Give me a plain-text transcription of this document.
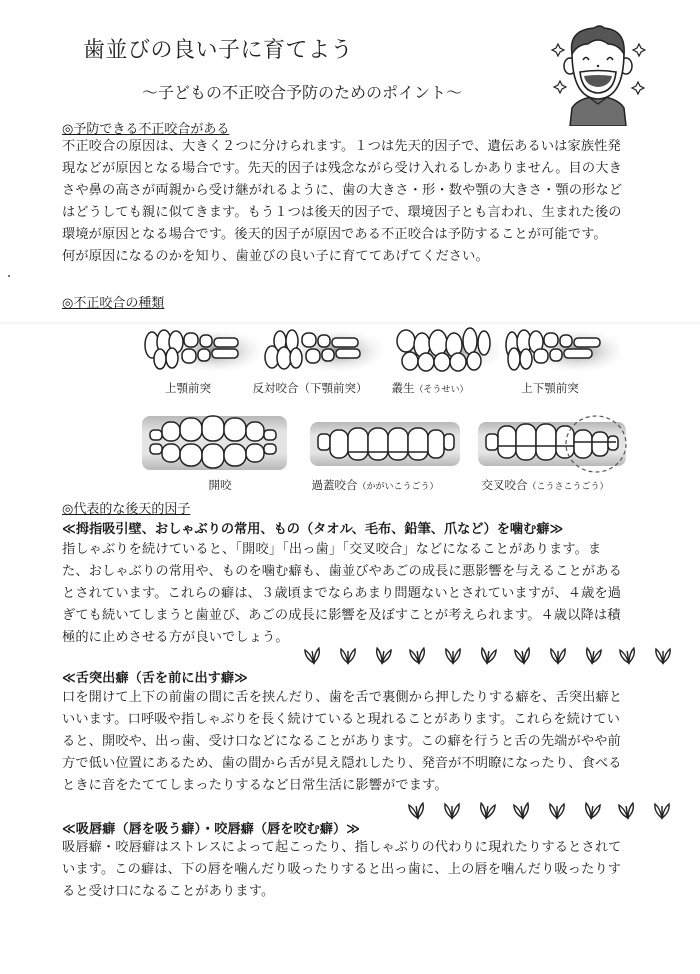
歯並びの良い子に育てよう
～子どもの不正咬合予防のためのポイント～
◎予防できる不正咬合がある
不正咬合の原因は、大きく２つに分けられます。１つは先天的因子で、遺伝あるいは家族性発
現などが原因となる場合です。先天的因子は残念ながら受け入れるしかありません。目の大き
さや鼻の高さが両親から受け継がれるように、歯の大きさ・形・数や顎の大きさ・顎の形など
はどうしても親に似てきます。もう１つは後天的因子で、環境因子とも言われ、生まれた後の
環境が原因となる場合です。後天的因子が原因である不正咬合は予防することが可能です。
何が原因になるのかを知り、歯並びの良い子に育ててあげてください。
◎不正咬合の種類
上顎前突	反対咬合（下顎前突）	叢生（そうせい）	上下顎前突
開咬	過蓋咬合（かがいこうごう）	交叉咬合（こうさこうごう）
◎代表的な後天的因子
≪拇指吸引壁、おしゃぶりの常用、もの（タオル、毛布、鉛筆、爪など）を噛む癖≫
指しゃぶりを続けていると、「開咬」「出っ歯」「交叉咬合」などになることがあります。ま
た、おしゃぶりの常用や、ものを噛む癖も、歯並びやあごの成長に悪影響を与えることがある
とされています。これらの癖は、３歳頃までならあまり問題ないとされていますが、４歳を過
ぎても続いてしまうと歯並び、あごの成長に影響を及ぼすことが考えられます。４歳以降は積
極的に止めさせる方が良いでしょう。
≪舌突出癖（舌を前に出す癖≫
口を開けて上下の前歯の間に舌を挟んだり、歯を舌で裏側から押したりする癖を、舌突出癖と
いいます。口呼吸や指しゃぶりを長く続けていると現れることがあります。これらを続けてい
ると、開咬や、出っ歯、受け口などになることがあります。この癖を行うと舌の先端がやや前
方で低い位置にあるため、歯の間から舌が見え隠れしたり、発音が不明瞭になったり、食べる
ときに音をたててしまったりするなど日常生活に影響がでます。
≪吸唇癖（唇を吸う癖）・咬唇癖（唇を咬む癖）≫
吸唇癖・咬唇癖はストレスによって起こったり、指しゃぶりの代わりに現れたりするとされて
います。この癖は、下の唇を噛んだり吸ったりすると出っ歯に、上の唇を噛んだり吸ったりす
ると受け口になることがあります。
